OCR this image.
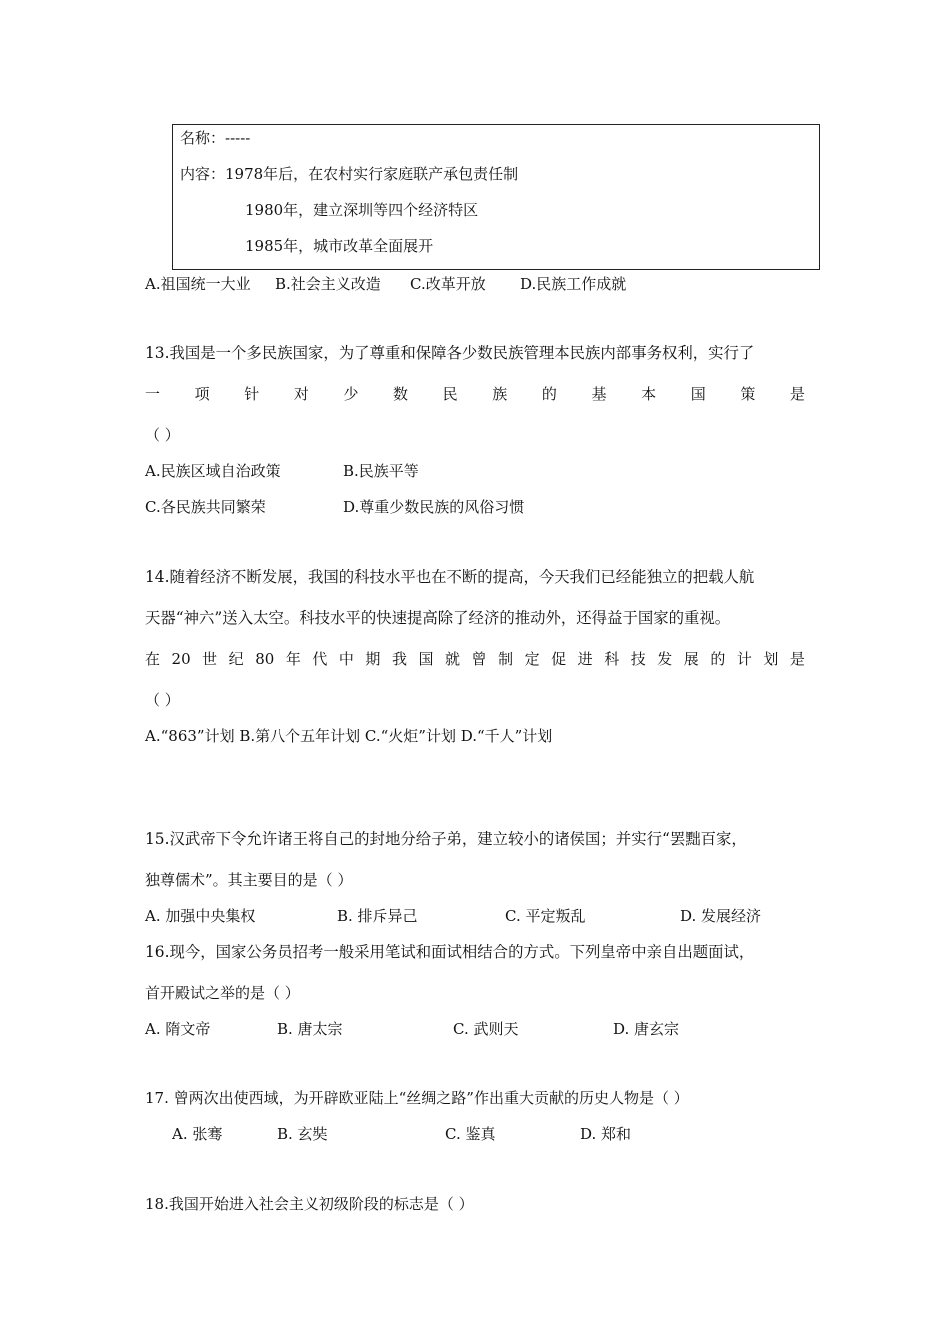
名称：-----
内容：1978年后，在农村实行家庭联产承包责任制
1980年，建立深圳等四个经济特区
1985年，城市改革全面展开
A.祖国统一大业 B.社会主义改造 C.改革开放 D.民族工作成就
13.我国是一个多民族国家，为了尊重和保障各少数民族管理本民族内部事务权利，实行了
一 项 针 对 少 数 民 族 的 基 本 国 策 是
（ ）
A.民族区域自治政策	B.民族平等
C.各民族共同繁荣	D.尊重少数民族的风俗习惯
14.随着经济不断发展，我国的科技水平也在不断的提高，今天我们已经能独立的把载人航
天器“神六”送入太空。科技水平的快速提高除了经济的推动外，还得益于国家的重视。
在 20 世 纪 80 年 代 中 期 我 国 就 曾 制 定 促 进 科 技 发 展 的 计 划 是
（ ）
A.“863”计划 B.第八个五年计划 C.“火炬”计划 D.“千人”计划
15.汉武帝下令允许诸王将自己的封地分给子弟，建立较小的诸侯国；并实行“罢黜百家，
独尊儒术”。其主要目的是（ ）
A. 加强中央集权	B. 排斥异己	C. 平定叛乱	D. 发展经济
16.现今，国家公务员招考一般采用笔试和面试相结合的方式。下列皇帝中亲自出题面试，
首开殿试之举的是（ ）
A. 隋文帝	B. 唐太宗	C. 武则天	D. 唐玄宗
17. 曾两次出使西域，为开辟欧亚陆上“丝绸之路”作出重大贡献的历史人物是（ ）
A. 张骞	B. 玄奘	C. 鉴真	D. 郑和
18.我国开始进入社会主义初级阶段的标志是（ ）
